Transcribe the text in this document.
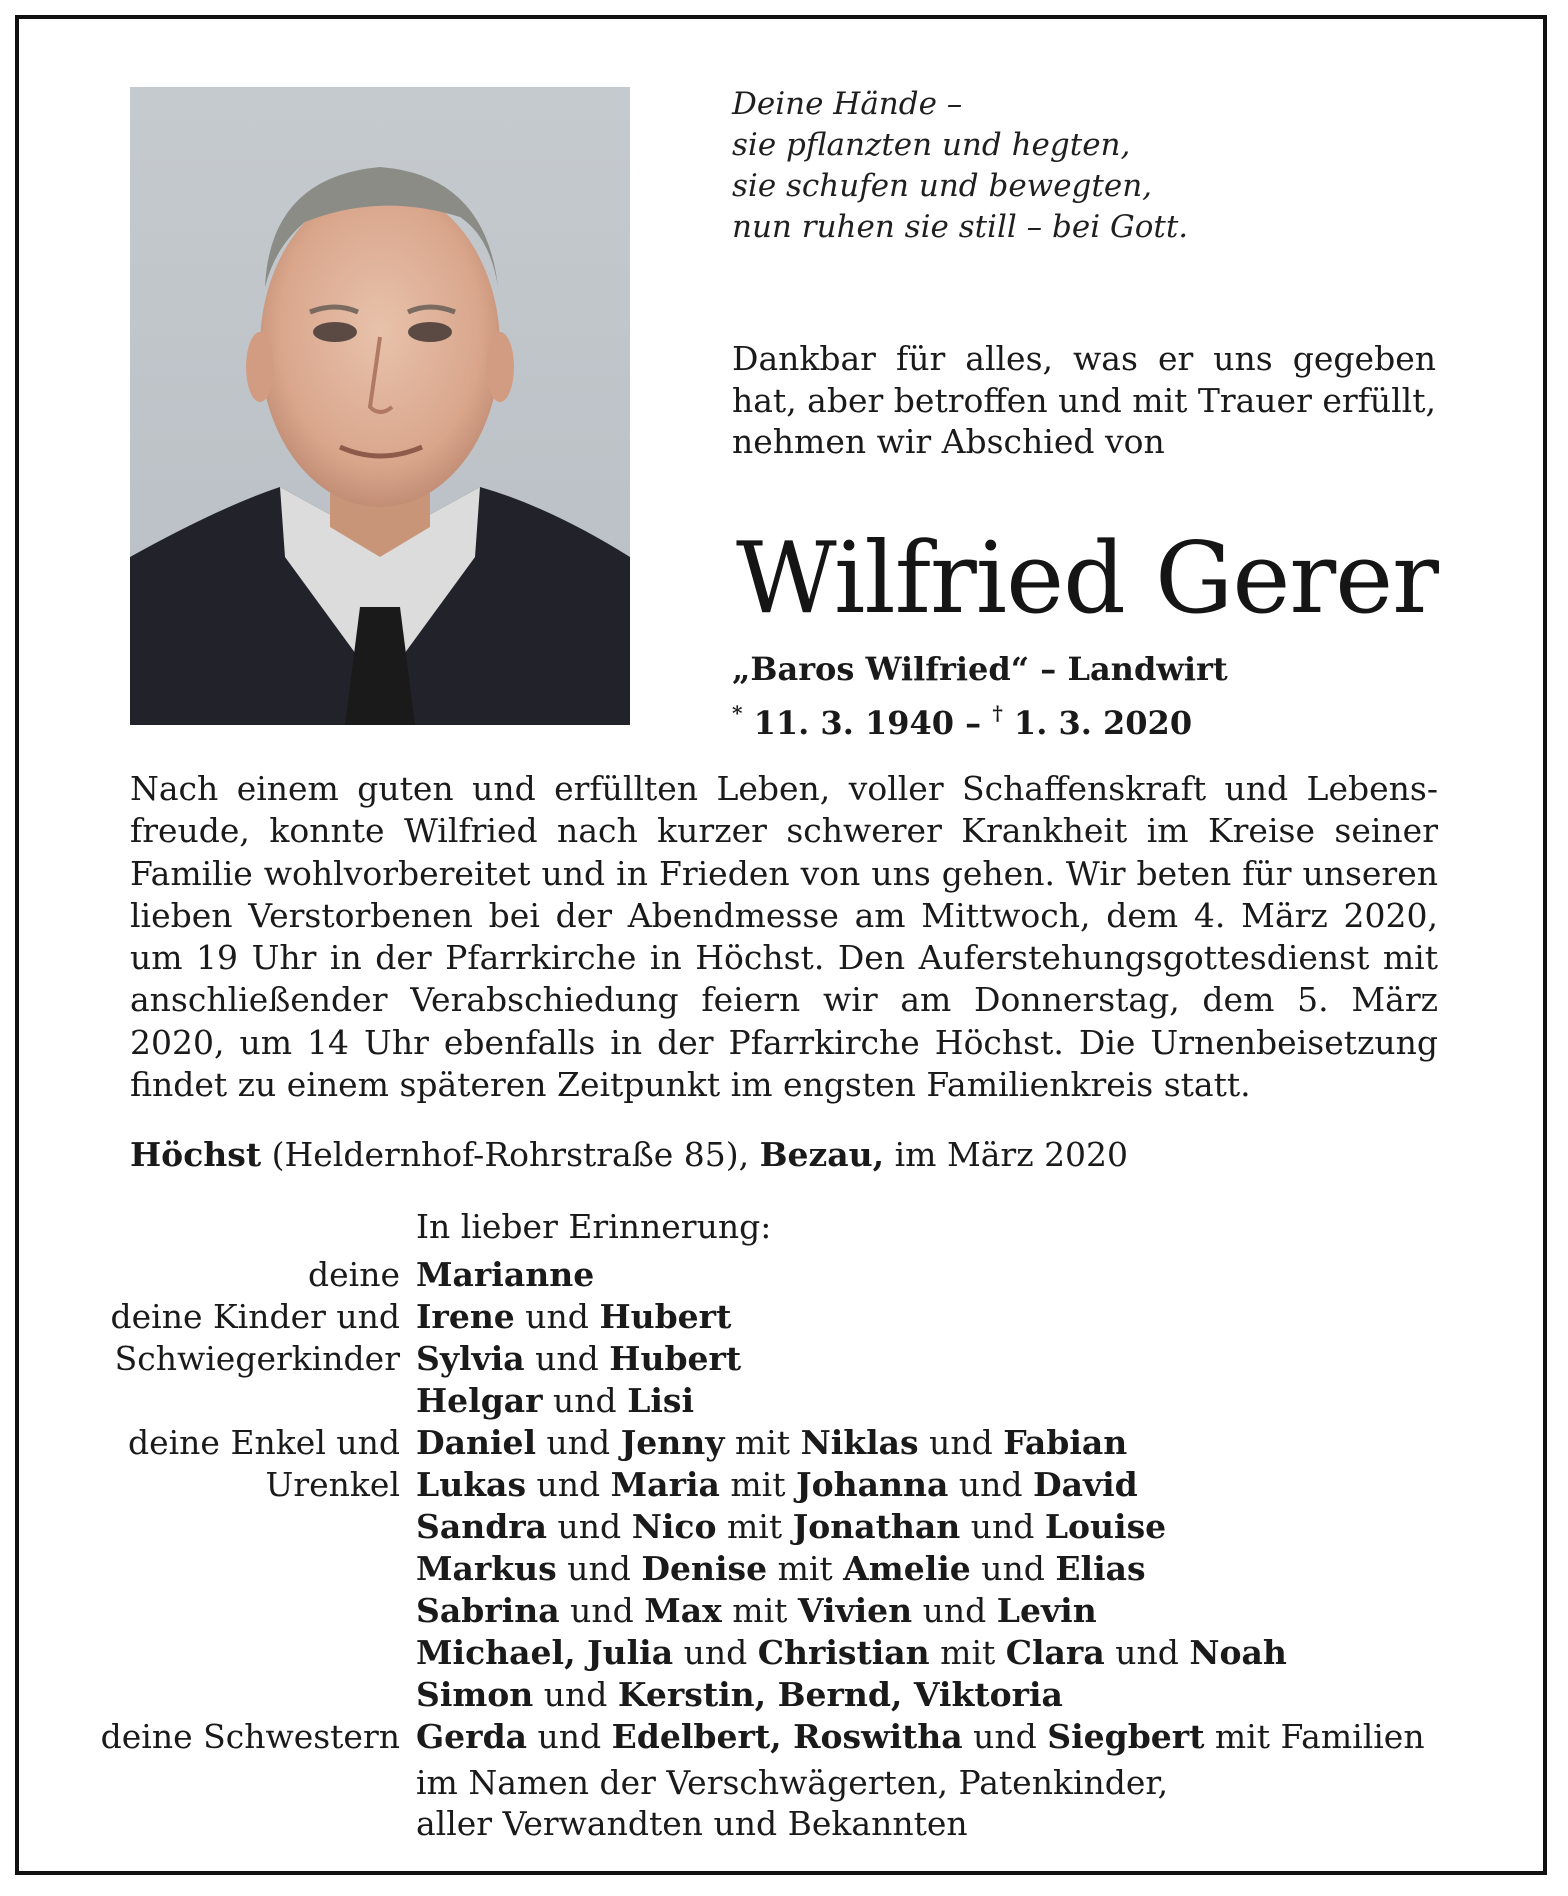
Deine Hände –
sie pflanzten und hegten,
sie schufen und bewegten,
nun ruhen sie still – bei Gott.
Dankbar für alles, was er uns gegeben
hat, aber betroffen und mit Trauer erfüllt,
nehmen wir Abschied von
Wilfried Gerer
„Baros Wilfried“ – Landwirt
* 11. 3. 1940 – † 1. 3. 2020
Nach einem guten und erfüllten Leben, voller Schaffenskraft und Lebens-
freude, konnte Wilfried nach kurzer schwerer Krankheit im Kreise seiner
Familie wohlvorbereitet und in Frieden von uns gehen. Wir beten für unseren
lieben Verstorbenen bei der Abendmesse am Mittwoch, dem 4. März 2020,
um 19 Uhr in der Pfarrkirche in Höchst. Den Auferstehungsgottesdienst mit
anschließender Verabschiedung feiern wir am Donnerstag, dem 5. März
2020, um 14 Uhr ebenfalls in der Pfarrkirche Höchst. Die Urnenbeisetzung
findet zu einem späteren Zeitpunkt im engsten Familienkreis statt.
Höchst (Heldernhof-Rohrstraße 85), Bezau, im März 2020
In lieber Erinnerung:
deine Marianne
deine Kinder und Irene und Hubert
Schwiegerkinder Sylvia und Hubert
Helgar und Lisi
deine Enkel und Daniel und Jenny mit Niklas und Fabian
Urenkel Lukas und Maria mit Johanna und David
Sandra und Nico mit Jonathan und Louise
Markus und Denise mit Amelie und Elias
Sabrina und Max mit Vivien und Levin
Michael, Julia und Christian mit Clara und Noah
Simon und Kerstin, Bernd, Viktoria
deine Schwestern Gerda und Edelbert, Roswitha und Siegbert mit Familien
im Namen der Verschwägerten, Patenkinder,
aller Verwandten und Bekannten
